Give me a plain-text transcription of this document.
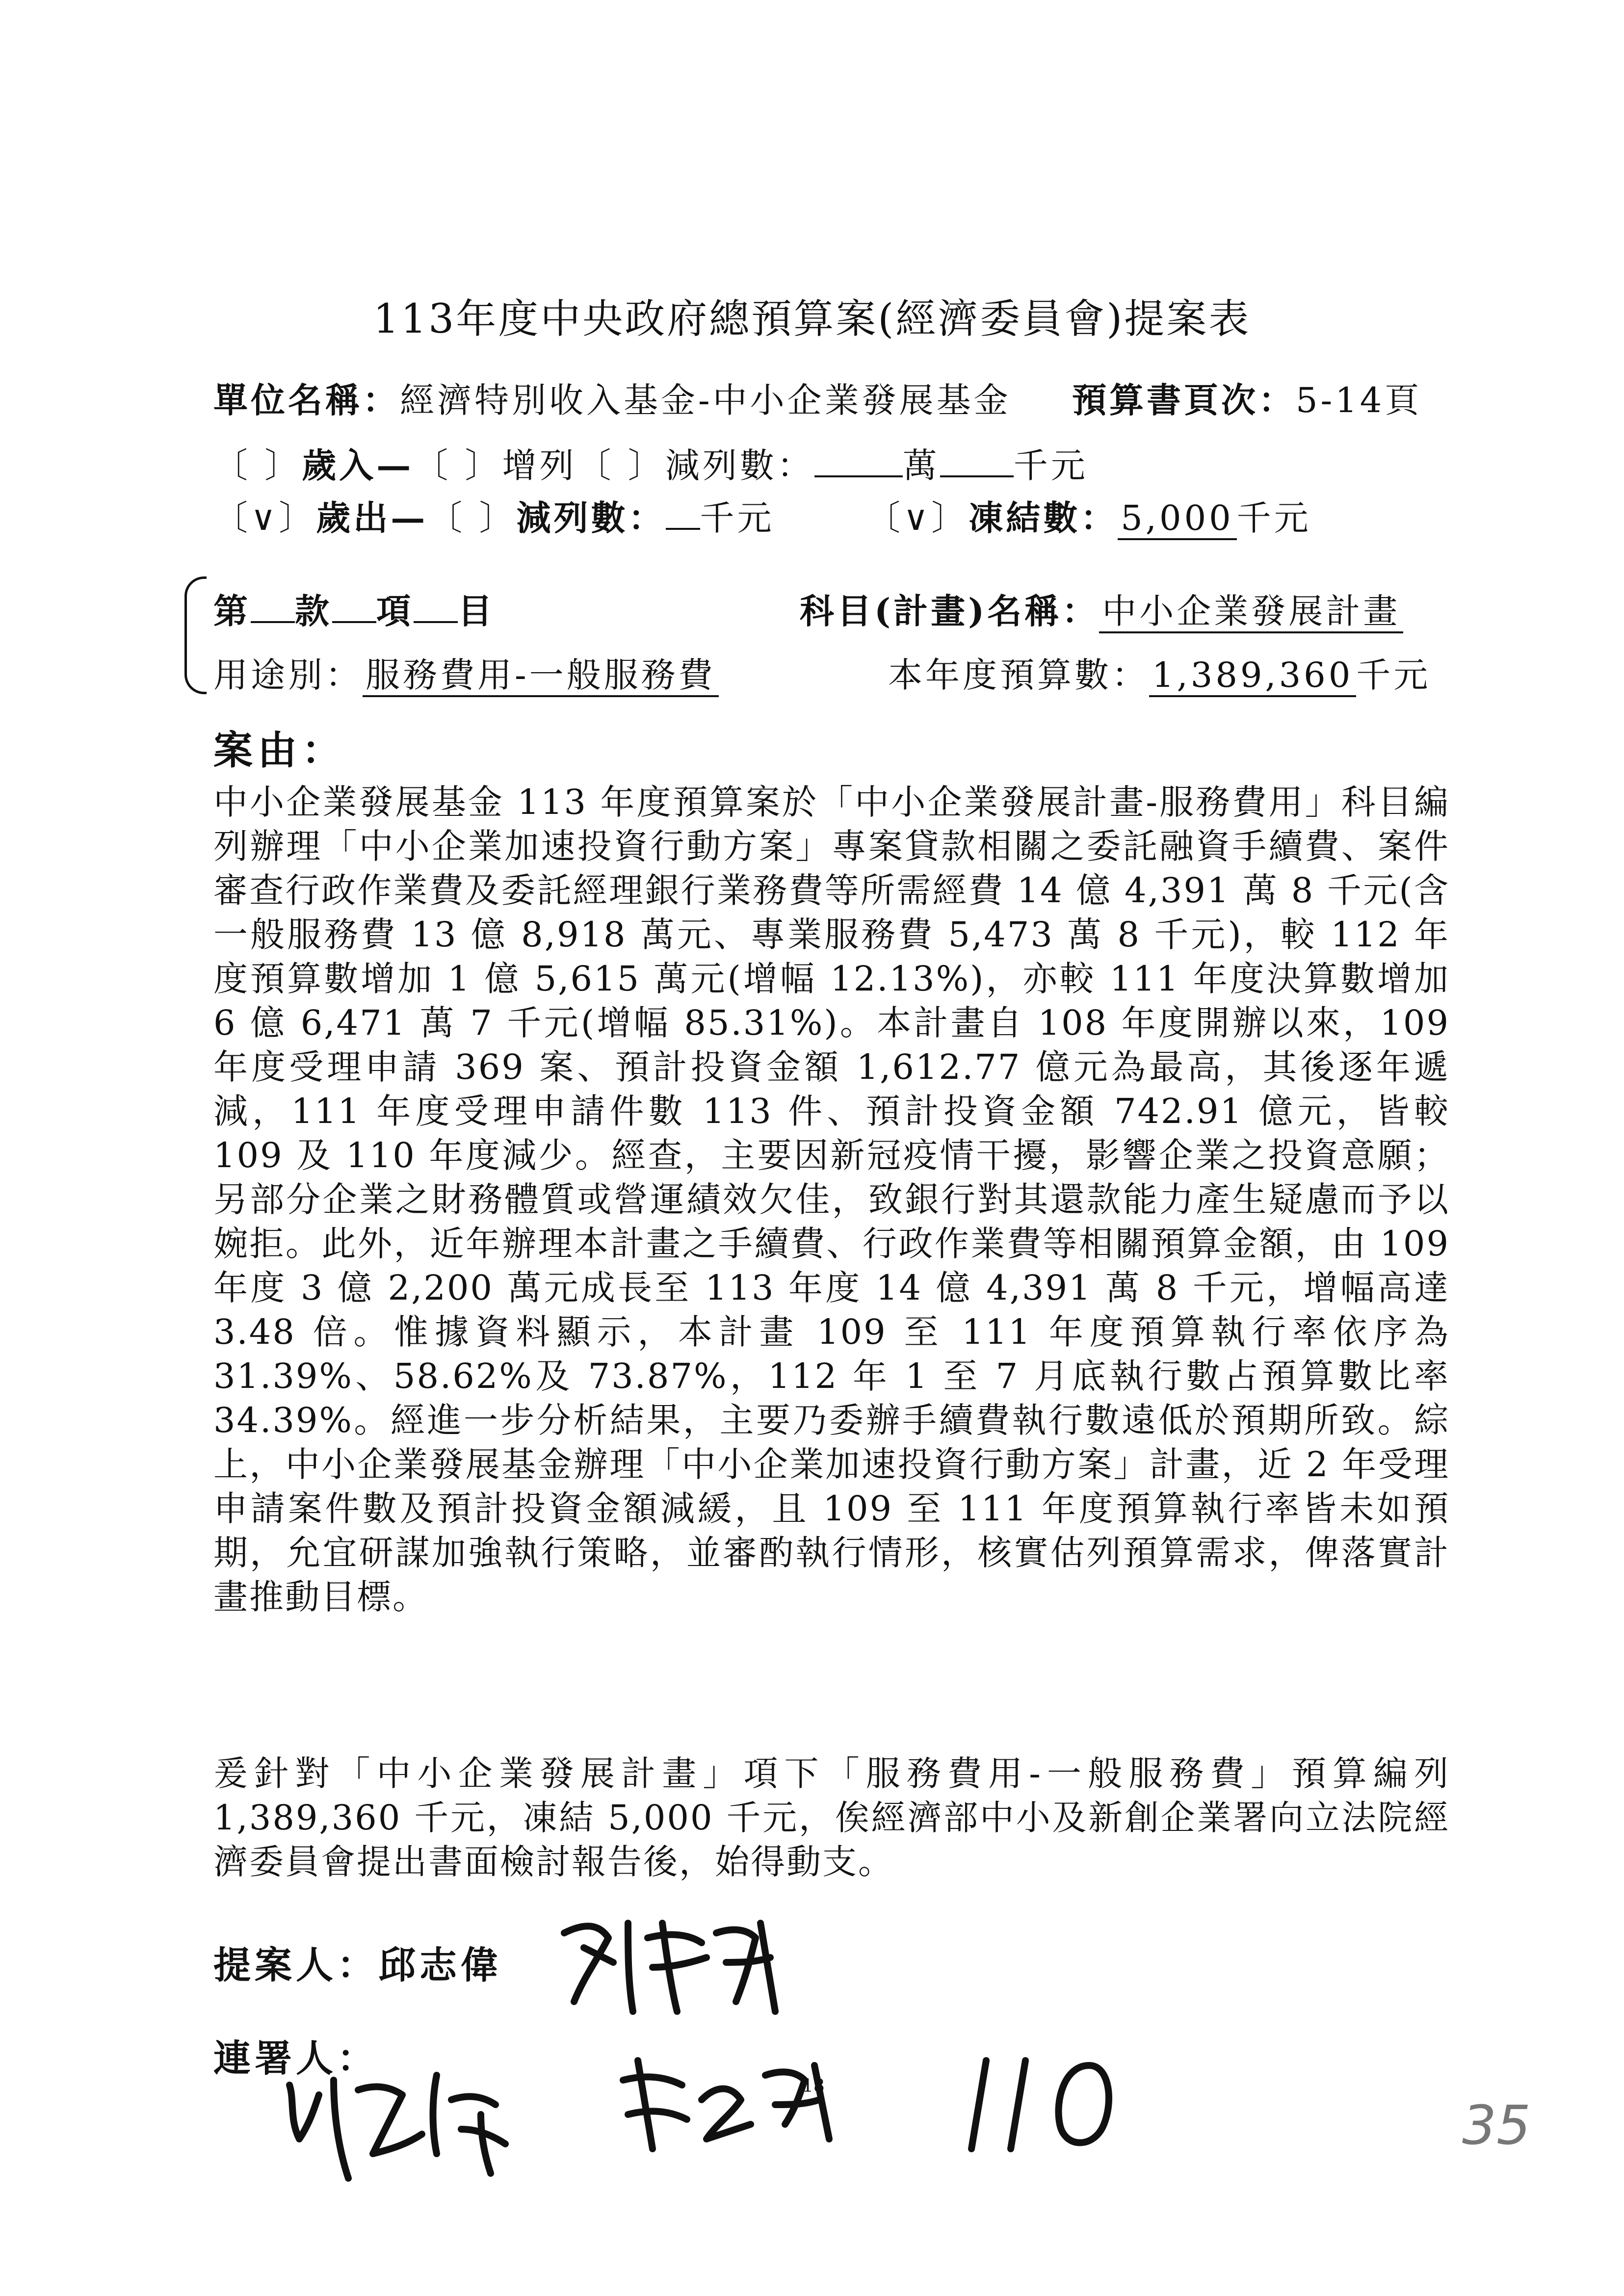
113年度中央政府總預算案(經濟委員會)提案表
單位名稱：經濟特別收入基金-中小企業發展基金 預算書頁次：5-14頁
〔 〕歲入—〔 〕增列〔 〕減列數：	萬 千元
〔∨〕歲出—〔 〕減列數： 千元	〔∨〕凍結數：5,000千元
第 款 項 目	科目(計畫)名稱：中小企業發展計畫
用途別：服務費用-一般服務費	本年度預算數：1,389,360千元
案由：
中小企業發展基金 113 年度預算案於「中小企業發展計畫-服務費用」科目編列辦理「中小企業加速投資行動方案」專案貸款相關之委託融資手續費、案件審查行政作業費及委託經理銀行業務費等所需經費 14 億 4,391 萬 8 千元(含一般服務費 13 億 8,918 萬元、專業服務費 5,473 萬 8 千元)，較 112 年度預算數增加 1 億 5,615 萬元(增幅 12.13%)，亦較 111 年度決算數增加 6 億 6,471 萬 7 千元(增幅 85.31%)。本計畫自 108 年度開辦以來，109 年度受理申請 369 案、預計投資金額 1,612.77 億元為最高，其後逐年遞減，111 年度受理申請件數 113 件、預計投資金額 742.91 億元，皆較 109 及 110 年度減少。經查，主要因新冠疫情干擾，影響企業之投資意願；另部分企業之財務體質或營運績效欠佳，致銀行對其還款能力產生疑慮而予以婉拒。此外，近年辦理本計畫之手續費、行政作業費等相關預算金額，由 109 年度 3 億 2,200 萬元成長至 113 年度 14 億 4,391 萬 8 千元，增幅高達 3.48 倍。惟據資料顯示，本計畫 109 至 111 年度預算執行率依序為 31.39%、58.62%及 73.87%，112 年 1 至 7 月底執行數占預算數比率 34.39%。經進一步分析結果，主要乃委辦手續費執行數遠低於預期所致。綜上，中小企業發展基金辦理「中小企業加速投資行動方案」計畫，近 2 年受理申請案件數及預計投資金額減緩，且 109 至 111 年度預算執行率皆未如預期，允宜研謀加強執行策略，並審酌執行情形，核實估列預算需求，俾落實計畫推動目標。
爰針對「中小企業發展計畫」項下「服務費用-一般服務費」預算編列 1,389,360 千元，凍結 5,000 千元，俟經濟部中小及新創企業署向立法院經濟委員會提出書面檢討報告後，始得動支。
提案人：邱志偉
連署人：
18
35
